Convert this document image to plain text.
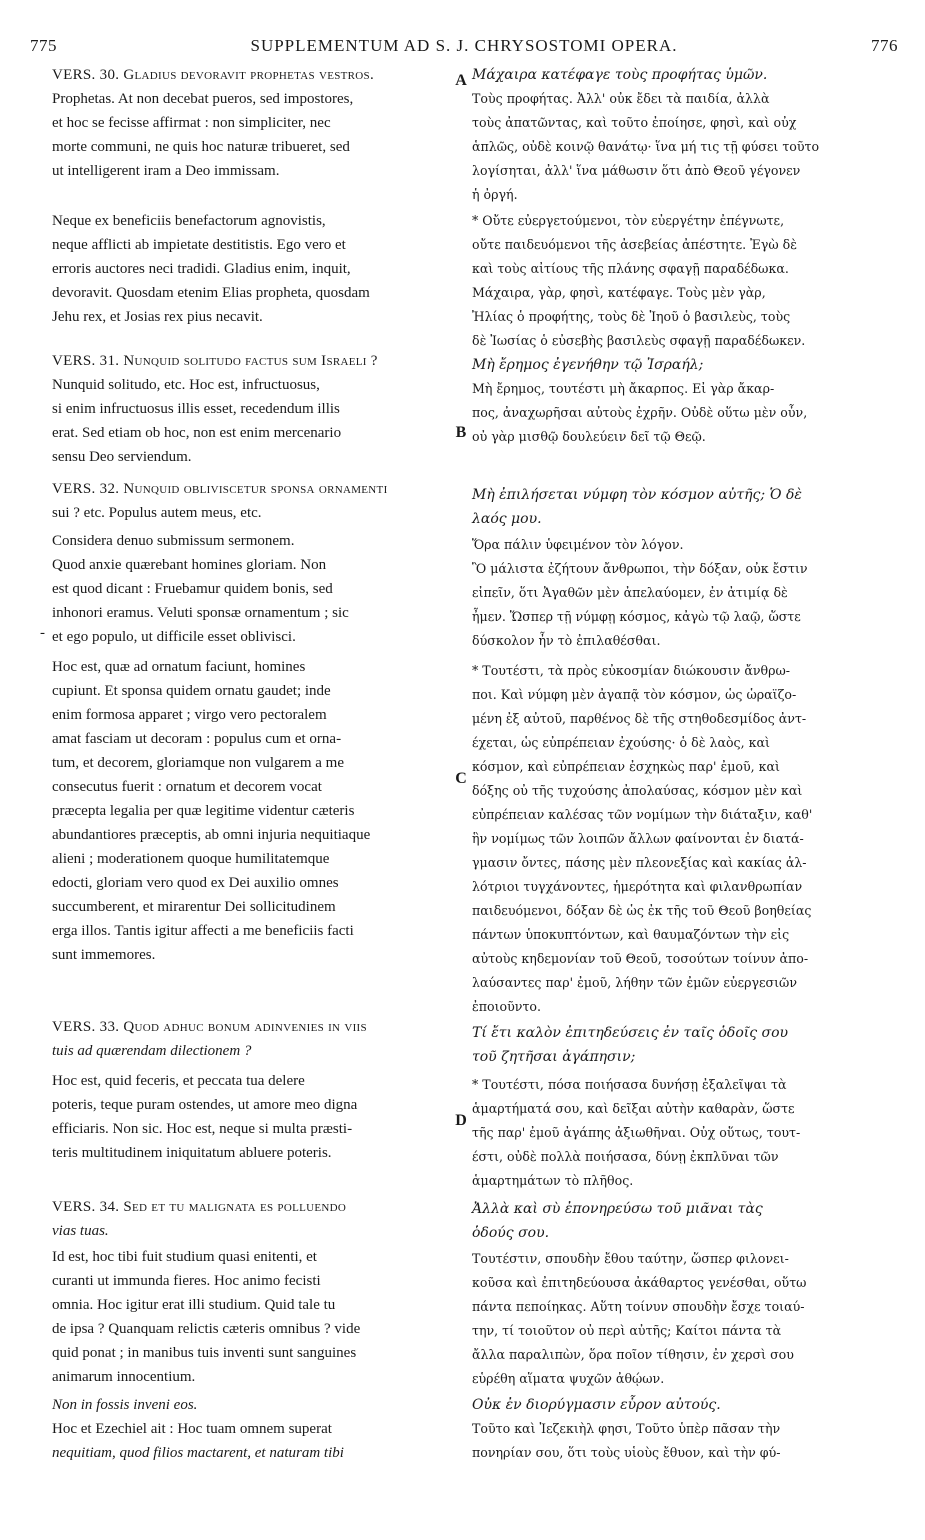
775	SUPPLEMENTUM AD S. J. CHRYSOSTOMI OPERA.	776
A
B
C
D
-
VERS. 30. Gladius devoravit prophetas vestros.
Prophetas. At non decebat pueros, sed impostores,
et hoc se fecisse affirmat : non simpliciter, nec
morte communi, ne quis hoc naturæ tribueret, sed
ut intelligerent iram a Deo immissam.
Neque ex beneficiis benefactorum agnovistis,
neque afflicti ab impietate destitistis. Ego vero et
erroris auctores neci tradidi. Gladius enim, inquit,
devoravit. Quosdam etenim Elias propheta, quosdam
Jehu rex, et Josias rex pius necavit.
VERS. 31. Nunquid solitudo factus sum Israeli ?
Nunquid solitudo, etc. Hoc est, infructuosus,
si enim infructuosus illis esset, recedendum illis
erat. Sed etiam ob hoc, non est enim mercenario
sensu Deo serviendum.
VERS. 32. Nunquid obliviscetur sponsa ornamenti
sui ? etc. Populus autem meus, etc.
Considera denuo submissum sermonem.
Quod anxie quærebant homines gloriam. Non
est quod dicant : Fruebamur quidem bonis, sed
inhonori eramus. Veluti sponsæ ornamentum ; sic
et ego populo, ut difficile esset oblivisci.
Hoc est, quæ ad ornatum faciunt, homines
cupiunt. Et sponsa quidem ornatu gaudet; inde
enim formosa apparet ; virgo vero pectoralem
amat fasciam ut decoram : populus cum et orna-
tum, et decorem, gloriamque non vulgarem a me
consecutus fuerit : ornatum et decorem vocat
præcepta legalia per quæ legitime videntur cæteris
abundantiores præceptis, ab omni injuria nequitiaque
alieni ; moderationem quoque humilitatemque
edocti, gloriam vero quod ex Dei auxilio omnes
succumberent, et mirarentur Dei sollicitudinem
erga illos. Tantis igitur affecti a me beneficiis facti
sunt immemores.
VERS. 33. Quod adhuc bonum adinvenies in viis
tuis ad quærendam dilectionem ?
Hoc est, quid feceris, et peccata tua delere
poteris, teque puram ostendes, ut amore meo digna
efficiaris. Non sic. Hoc est, neque si multa præsti-
teris multitudinem iniquitatum abluere poteris.
VERS. 34. Sed et tu malignata es polluendo
vias tuas.
Id est, hoc tibi fuit studium quasi enitenti, et
curanti ut immunda fieres. Hoc animo fecisti
omnia. Hoc igitur erat illi studium. Quid tale tu
de ipsa ? Quanquam relictis cæteris omnibus ? vide
quid ponat ; in manibus tuis inventi sunt sanguines
animarum innocentium.
Non in fossis inveni eos.
Hoc et Ezechiel ait : Hoc tuam omnem superat
nequitiam, quod filios mactarent, et naturam tibi
Μάχαιρα κατέφαγε τοὺς προφήτας ὑμῶν.
Τοὺς προφήτας. Ἀλλ' οὐκ ἔδει τὰ παιδία, ἀλλὰ
τοὺς ἀπατῶντας, καὶ τοῦτο ἐποίησε, φησὶ, καὶ οὐχ
ἁπλῶς, οὐδὲ κοινῷ θανάτῳ· ἵνα μή τις τῇ φύσει τοῦτο
λογίσηται, ἀλλ' ἵνα μάθωσιν ὅτι ἀπὸ Θεοῦ γέγονεν
ἡ ὀργή.
* Οὔτε εὐεργετούμενοι, τὸν εὐεργέτην ἐπέγνωτε,
οὔτε παιδευόμενοι τῆς ἀσεβείας ἀπέστητε. Ἐγὼ δὲ
καὶ τοὺς αἰτίους τῆς πλάνης σφαγῇ παραδέδωκα.
Μάχαιρα, γὰρ, φησὶ, κατέφαγε. Τοὺς μὲν γὰρ,
Ἠλίας ὁ προφήτης, τοὺς δὲ Ἰηοῦ ὁ βασιλεὺς, τοὺς
δὲ Ἰωσίας ὁ εὐσεβὴς βασιλεὺς σφαγῇ παραδέδωκεν.
Μὴ ἔρημος ἐγενήθην τῷ Ἰσραήλ;
Μὴ ἔρημος, τουτέστι μὴ ἄκαρπος. Εἰ γὰρ ἄκαρ-
πος, ἀναχωρῆσαι αὐτοὺς ἐχρῆν. Οὐδὲ οὕτω μὲν οὖν,
οὐ γὰρ μισθῷ δουλεύειν δεῖ τῷ Θεῷ.
Μὴ ἐπιλήσεται νύμφη τὸν κόσμον αὐτῆς; Ὁ δὲ
λαός μου.
Ὅρα πάλιν ὑφειμένον τὸν λόγον.
Ὃ μάλιστα ἐζήτουν ἄνθρωποι, τὴν δόξαν, οὐκ ἔστιν
εἰπεῖν, ὅτι Ἀγαθῶν μὲν ἀπελαύομεν, ἐν ἀτιμίᾳ δὲ
ἦμεν. Ὥσπερ τῇ νύμφῃ κόσμος, κἀγὼ τῷ λαῷ, ὥστε
δύσκολον ἦν τὸ ἐπιλαθέσθαι.
* Τουτέστι, τὰ πρὸς εὐκοσμίαν διώκουσιν ἄνθρω-
ποι. Καὶ νύμφη μὲν ἀγαπᾷ τὸν κόσμον, ὡς ὡραϊζο-
μένη ἐξ αὐτοῦ, παρθένος δὲ τῆς στηθοδεσμίδος ἀντ-
έχεται, ὡς εὐπρέπειαν ἐχούσης· ὁ δὲ λαὸς, καὶ
κόσμον, καὶ εὐπρέπειαν ἐσχηκὼς παρ' ἐμοῦ, καὶ
δόξης οὐ τῆς τυχούσης ἀπολαύσας, κόσμον μὲν καὶ
εὐπρέπειαν καλέσας τῶν νομίμων τὴν διάταξιν, καθ'
ἣν νομίμως τῶν λοιπῶν ἄλλων φαίνονται ἐν διατά-
γμασιν ὄντες, πάσης μὲν πλεονεξίας καὶ κακίας ἀλ-
λότριοι τυγχάνοντες, ἡμερότητα καὶ φιλανθρωπίαν
παιδευόμενοι, δόξαν δὲ ὡς ἐκ τῆς τοῦ Θεοῦ βοηθείας
πάντων ὑποκυπτόντων, καὶ θαυμαζόντων τὴν εἰς
αὐτοὺς κηδεμονίαν τοῦ Θεοῦ, τοσούτων τοίνυν ἀπο-
λαύσαντες παρ' ἐμοῦ, λήθην τῶν ἐμῶν εὐεργεσιῶν
ἐποιοῦντο.
Τί ἔτι καλὸν ἐπιτηδεύσεις ἐν ταῖς ὁδοῖς σου
τοῦ ζητῆσαι ἀγάπησιν;
* Τουτέστι, πόσα ποιήσασα δυνήσῃ ἐξαλεῖψαι τὰ
ἁμαρτήματά σου, καὶ δεῖξαι αὐτὴν καθαρὰν, ὥστε
τῆς παρ' ἐμοῦ ἀγάπης ἀξιωθῆναι. Οὐχ οὕτως, τουτ-
έστι, οὐδὲ πολλὰ ποιήσασα, δύνῃ ἐκπλῦναι τῶν
ἁμαρτημάτων τὸ πλῆθος.
Ἀλλὰ καὶ σὺ ἐπονηρεύσω τοῦ μιᾶναι τὰς
ὁδούς σου.
Τουτέστιν, σπουδὴν ἔθου ταύτην, ὥσπερ φιλονει-
κοῦσα καὶ ἐπιτηδεύουσα ἀκάθαρτος γενέσθαι, οὕτω
πάντα πεποίηκας. Αὕτη τοίνυν σπουδὴν ἔσχε τοιαύ-
την, τί τοιοῦτον οὐ περὶ αὐτῆς; Καίτοι πάντα τὰ
ἄλλα παραλιπὼν, ὅρα ποῖον τίθησιν, ἐν χερσὶ σου
εὑρέθη αἵματα ψυχῶν ἀθῴων.
Οὐκ ἐν διορύγμασιν εὗρον αὐτούς.
Τοῦτο καὶ Ἰεζεκιὴλ φησι, Τοῦτο ὑπὲρ πᾶσαν τὴν
πονηρίαν σου, ὅτι τοὺς υἱοὺς ἔθυον, καὶ τὴν φύ-
